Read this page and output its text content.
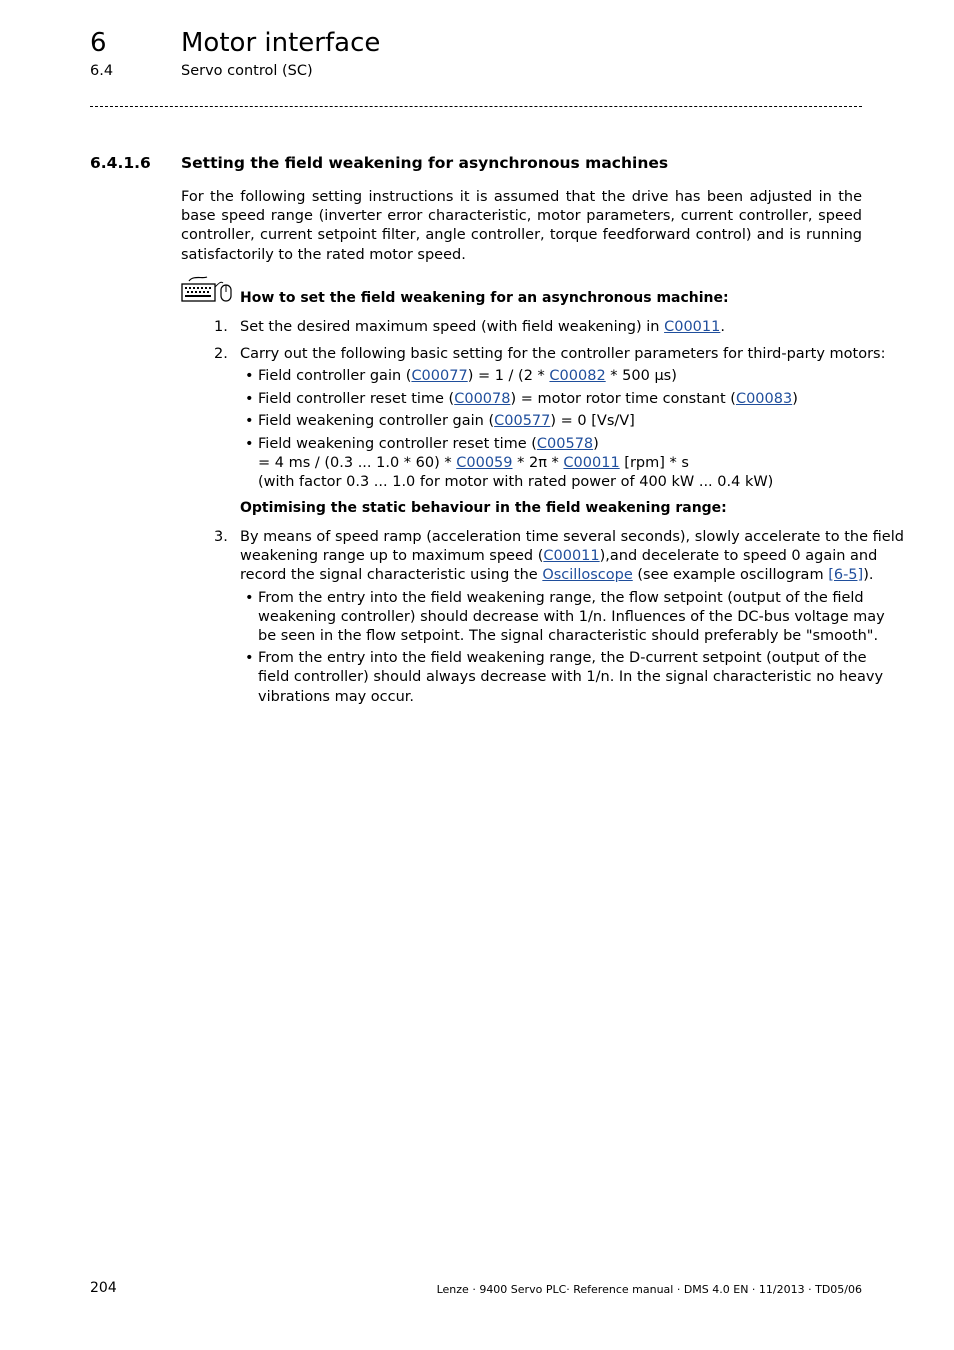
6	Motor interface
6.4	Servo control (SC)
6.4.1.6 Setting the field weakening for asynchronous machines
For the following setting instructions it is assumed that the drive has been adjusted in the base speed range (inverter error characteristic, motor parameters, current controller, speed controller, current setpoint filter, angle controller, torque feedforward control) and is running satisfactorily to the rated motor speed.
How to set the field weakening for an asynchronous machine:
1. Set the desired maximum speed (with field weakening) in C00011.
2. Carry out the following basic setting for the controller parameters for third-party motors:
• Field controller gain (C00077) = 1 / (2 * C00082 * 500 µs)
• Field controller reset time (C00078) = motor rotor time constant (C00083)
• Field weakening controller gain (C00577) = 0 [Vs/V]
• Field weakening controller reset time (C00578)
= 4 ms / (0.3 ... 1.0 * 60) * C00059 * 2π * C00011 [rpm] * s
(with factor 0.3 ... 1.0 for motor with rated power of 400 kW ... 0.4 kW)
Optimising the static behaviour in the field weakening range:
3. By means of speed ramp (acceleration time several seconds), slowly accelerate to the field
weakening range up to maximum speed (C00011),and decelerate to speed 0 again and
record the signal characteristic using the Oscilloscope (see example oscillogram [6-5]).
• From the entry into the field weakening range, the flow setpoint (output of the field
weakening controller) should decrease with 1/n. Influences of the DC-bus voltage may
be seen in the flow setpoint. The signal characteristic should preferably be "smooth".
• From the entry into the field weakening range, the D-current setpoint (output of the
field controller) should always decrease with 1/n. In the signal characteristic no heavy
vibrations may occur.
204	Lenze · 9400 Servo PLC· Reference manual · DMS 4.0 EN · 11/2013 · TD05/06
